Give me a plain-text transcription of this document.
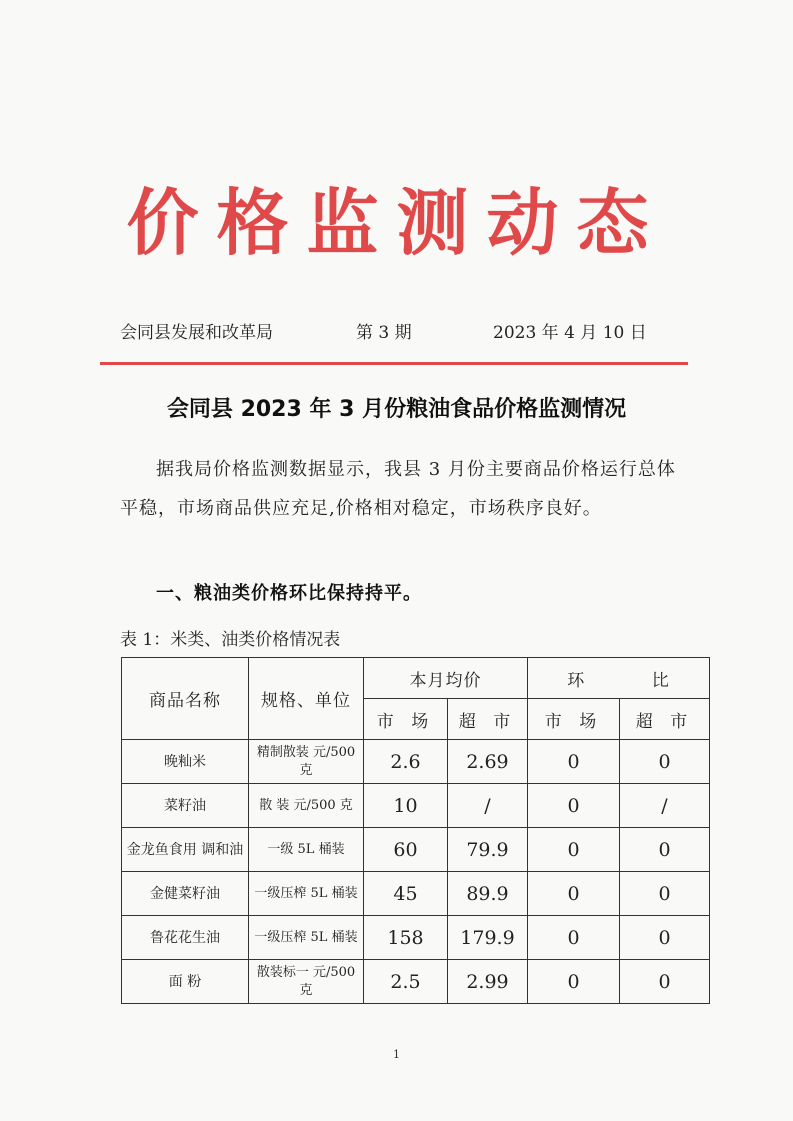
价格监测动态
会同县发展和改革局	第 3 期	2023 年 4 月 10 日
会同县 2023 年 3 月份粮油食品价格监测情况
据我局价格监测数据显示，我县 3 月份主要商品价格运行总体平稳，市场商品供应充足,价格相对稳定，市场秩序良好。
一、粮油类价格环比保持持平。
表 1：米类、油类价格情况表
商品名称	规格、单位	本月均价		环 比	
		市 场	超 市	市 场	超 市
晚籼米	精制散装 元/500 克	2.6	2.69	0	0
菜籽油	散 装 元/500 克	10	/	0	/
金龙鱼食用 调和油	一级 5L 桶装	60	79.9	0	0
金健菜籽油	一级压榨 5L 桶装	45	89.9	0	0
鲁花花生油	一级压榨 5L 桶装	158	179.9	0	0
面 粉	散装标一 元/500 克	2.5	2.99	0	0
1
